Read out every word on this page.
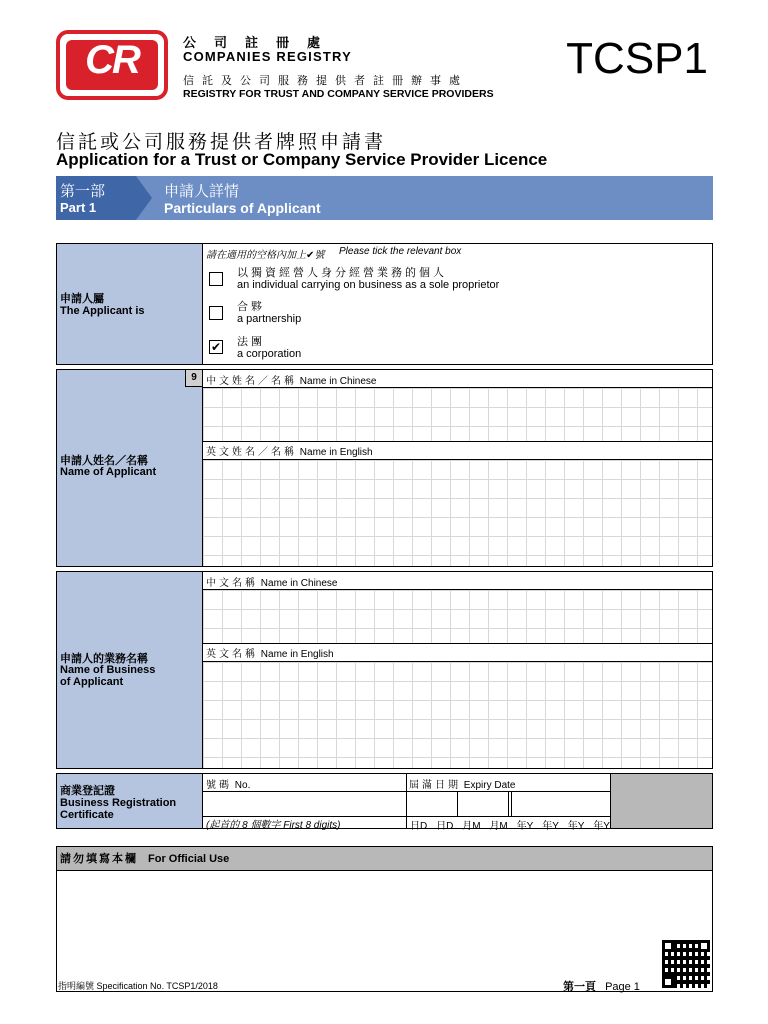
CR	公司註冊處
COMPANIES REGISTRY
信託及公司服務提供者註冊辦事處
REGISTRY FOR TRUST AND COMPANY SERVICE PROVIDERS
TCSP1
信託或公司服務提供者牌照申請書
Application for a Trust or Company Service Provider Licence
第一部
Part 1
申請人詳情
Particulars of Applicant
申請人屬
The Applicant is
請在適用的空格內加上✔號 Please tick the relevant box
以獨資經營人身分經營業務的個人
an individual carrying on business as a sole proprietor
合夥
a partnership
✔ 法團
a corporation
申請人姓名／名稱
Name of Applicant
9 中文姓名／名稱 Name in Chinese
英文姓名／名稱 Name in English
申請人的業務名稱
Name of Business
of Applicant
中文名稱 Name in Chinese
英文名稱 Name in English
商業登記證
Business Registration
Certificate
號碼 No.
(起首的 8 個數字 First 8 digits)
屆滿日期 Expiry Date
日D 日D 月M 月M 年Y 年Y 年Y 年Y
請勿填寫本欄 For Official Use
指明編號 Specification No. TCSP1/2018	第一頁 Page 1
